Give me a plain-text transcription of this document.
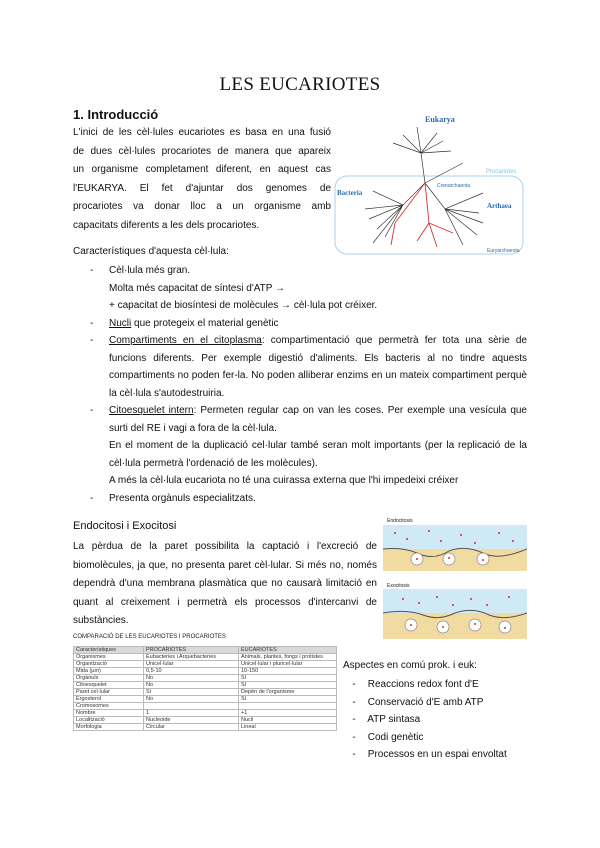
LES EUCARIOTES
1. Introducció
L'inici de les cèl·lules eucariotes es basa en una fusió
de dues cèl·lules procariotes de manera que apareix
un organisme completament diferent, en aquest cas
l'EUKARYA. El fet d'ajuntar dos genomes de
procariotes va donar lloc a un organisme amb
capacitats diferents a les dels procariotes.
Procariotes
Eukarya
Bacteria
Arthaea
Crenarchaeota
Euryarchaeota
Característiques d'aquesta cèl·lula:
- Cèl·lula més gran.
Molta més capacitat de síntesi d'ATP →
+ capacitat de biosíntesi de molècules → cèl·lula pot créixer.
- Nucli que protegeix el material genètic
- Compartiments en el citoplasma: compartimentació que permetrà fer tota una sèrie de
funcions diferents. Per exemple digestió d'aliments. Els bacteris al no tindre aquests
compartiments no poden fer-la. No poden alliberar enzims en un mateix compartiment perquè
la cèl·lula s'autodestruiria.
- Citoesquelet intern: Permeten regular cap on van les coses. Per exemple una vesícula que
surti del RE i vagi a fora de la cèl·lula.
En el moment de la duplicació cel·lular també seran molt importants (per la replicació de la
cèl·lula permetrà l'ordenació de les molècules).
A més la cèl·lula eucariota no té una cuirassa externa que l'hi impedeixi créixer
- Presenta orgànuls especialitzats.
Endocitosi i Exocitosi
La pèrdua de la paret possibilita la captació i l'excreció de
biomolècules, ja que, no presenta paret cèl·lular. Si més no, només
dependrà d'una membrana plasmàtica que no causarà limitació en
quant al creixement i permetrà els processos d'intercanvi de
substàncies.
Endocitosis
Exocitosis
COMPARACIÓ DE LES EUCARIOTES I PROCARIOTES
Característiques	PROCARIOTES	EUCARIOTES
Organismes	Eubacteries i Arquebacteries	Animals, plantes, fongs i protistes
Organització	Unicel·lular	Unicel·lular i pluricel·lular
Mida (µm)	0,5-10	10-150
Orgànuls	No	Sí
Citoesquelet	No	Sí
Paret cel·lular	Sí	Depèn de l'organisme
Ergosterol	No	Sí
Cromosomes		
Nombre	1	+1
Localització	Nucleoide	Nucli
Morfologia	Circular	Lineal
Aspectes en comú prok. i euk:
- Reaccions redox font d'E
- Conservació d'E amb ATP
- ATP sintasa
- Codi genètic
- Processos en un espai envoltat
